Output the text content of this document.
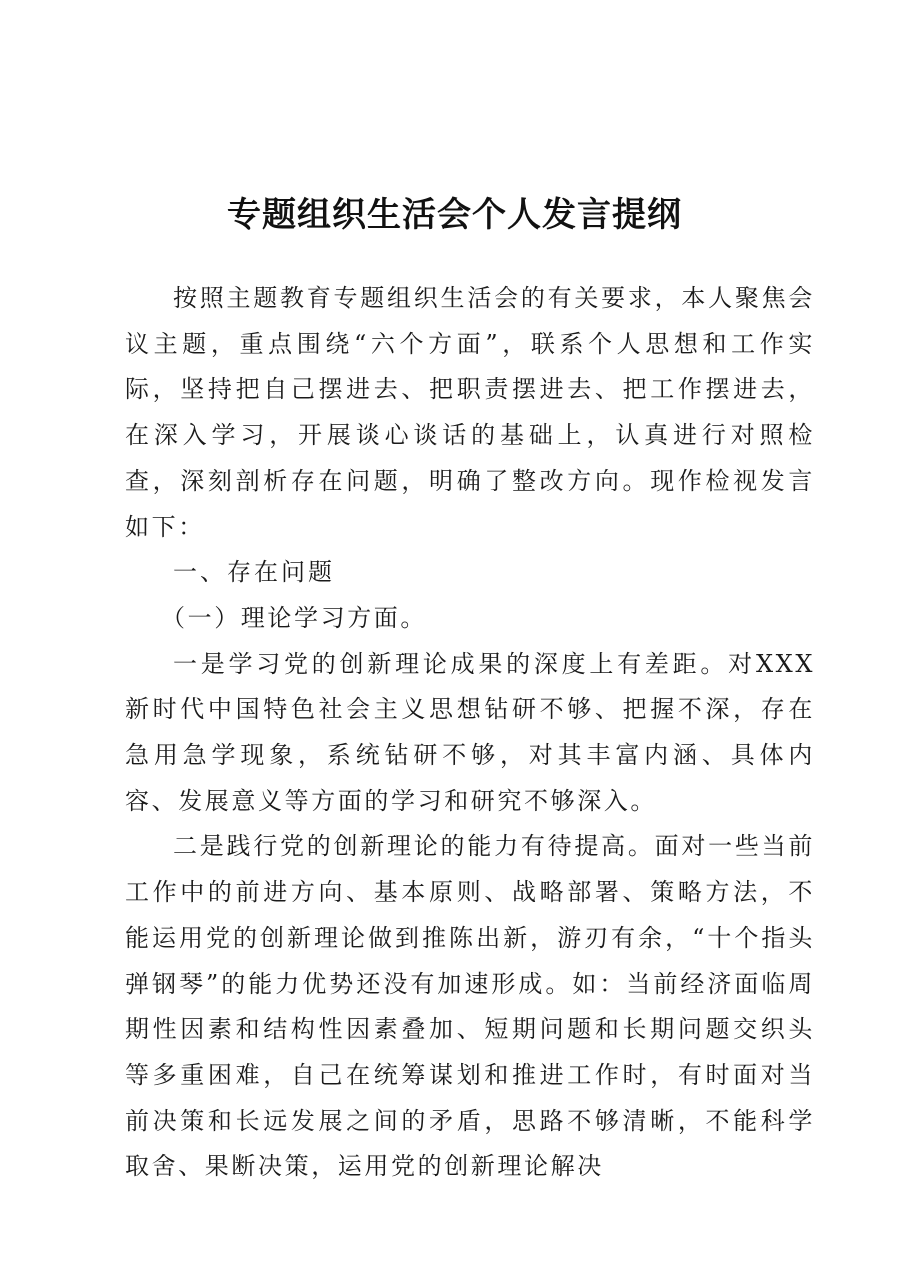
专题组织生活会个人发言提纲

按照主题教育专题组织生活会的有关要求，本人聚焦会议主题，重点围绕“六个方面”，联系个人思想和工作实际，坚持把自己摆进去、把职责摆进去、把工作摆进去，在深入学习，开展谈心谈话的基础上，认真进行对照检查，深刻剖析存在问题，明确了整改方向。现作检视发言如下：

一、存在问题

（一）理论学习方面。

一是学习党的创新理论成果的深度上有差距。对XXX新时代中国特色社会主义思想钻研不够、把握不深，存在急用急学现象，系统钻研不够，对其丰富内涵、具体内容、发展意义等方面的学习和研究不够深入。

二是践行党的创新理论的能力有待提高。面对一些当前工作中的前进方向、基本原则、战略部署、策略方法，不能运用党的创新理论做到推陈出新，游刃有余，“十个指头弹钢琴”的能力优势还没有加速形成。如：当前经济面临周期性因素和结构性因素叠加、短期问题和长期问题交织头等多重困难，自己在统筹谋划和推进工作时，有时面对当前决策和长远发展之间的矛盾，思路不够清晰，不能科学取舍、果断决策，运用党的创新理论解决
